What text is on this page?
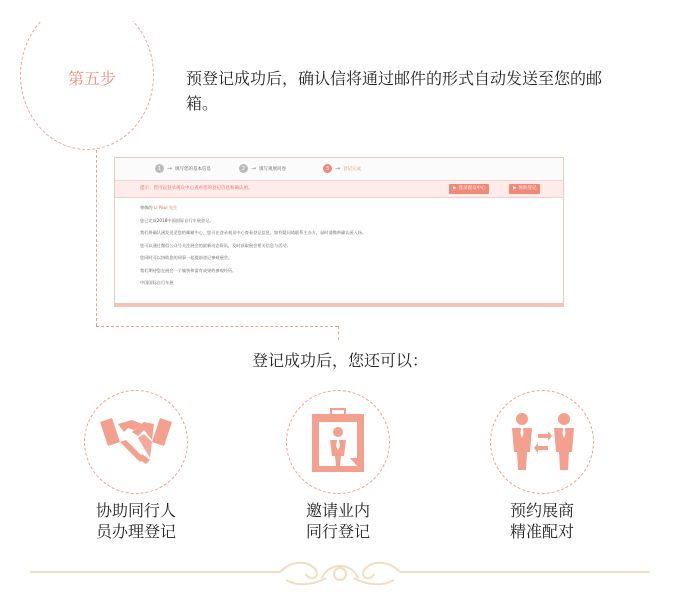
第五步	预登记成功后，确认信将通过邮件的形式自动发送至您的邮箱。
1 → 填写您的基本信息	2 → 填写观展问卷	3 → 登记完成
提示：您可以登录观众中心查看您的登记信息和确认函。	▶ 登录观众中心	▶ 协助登记
尊敬的 LI Paul 先生
您已完成2018中国国际自行车展登记。
我们将确认函发送至您的邮箱中心，您可在登录观众中心查看登记信息，如有疑问请联系主办方，届时请携带确认函入场。
您可以通过微信公众号关注展会的最新动态资讯，及时获取展会相关信息与活动。
您同时可以协助您的同事一起提前登记参观展会。
我们期待您在展会一个愉快和富有成果的参观经历。
中国国际自行车展
登记成功后，您还可以：
协助同行人
员办理登记
邀请业内
同行登记
预约展商
精准配对
